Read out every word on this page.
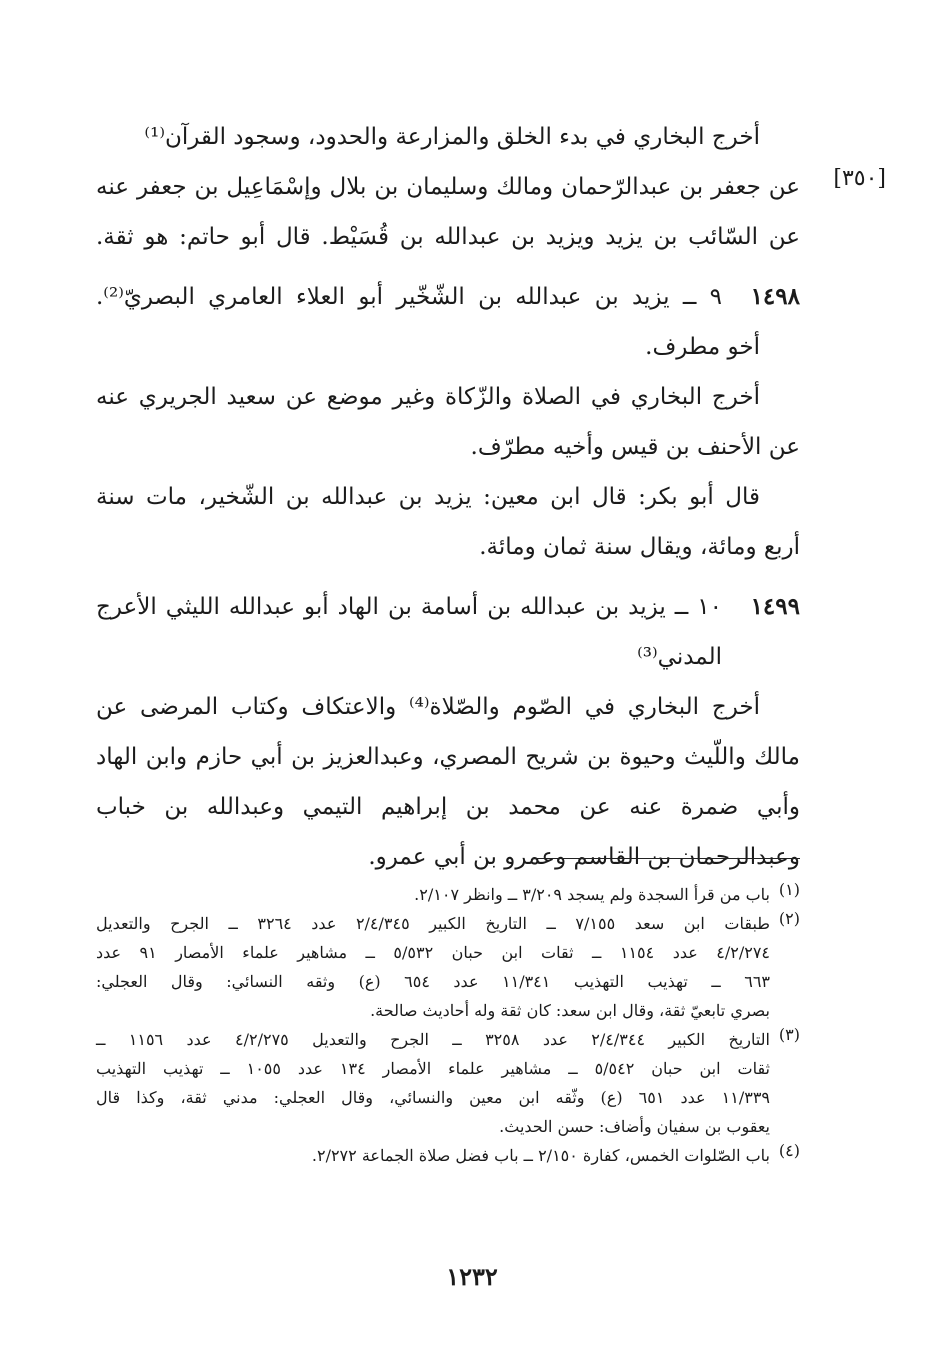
أخرج البخاري في بدء الخلق والمزارعة والحدود، وسجود القرآن⁽¹⁾
[٣٥٠]
عن جعفر بن عبدالرّحمان ومالك وسليمان بن بلال وإسْمَاعِيل بن جعفر عنه
عن السّائب بن يزيد ويزيد بن عبدالله بن قُسَيْط. قال أبو حاتم: هو ثقة.
١٤٩٨
٩ ــ يزيد بن عبدالله بن الشّخّير أبو العلاء العامري البصريّ⁽²⁾.
أخو مطرف.
أخرج البخاري في الصلاة والزّكاة وغير موضع عن سعيد الجريري عنه
عن الأحنف بن قيس وأخيه مطرّف.
قال أبو بكر: قال ابن معين: يزيد بن عبدالله بن الشّخير، مات سنة
أربع ومائة، ويقال سنة ثمان ومائة.
١٤٩٩
١٠ ــ يزيد بن عبدالله بن أسامة بن الهاد أبو عبدالله الليثي الأعرج
المدني⁽³⁾
أخرج البخاري في الصّوم والصّلاة⁽⁴⁾ والاعتكاف وكتاب المرضى عن
مالك واللّيث وحيوة بن شريح المصري، وعبدالعزيز بن أبي حازم وابن الهاد
وأبي ضمرة عنه عن محمد بن إبراهيم التيمي وعبدالله بن خباب
وعبدالرحمان بن القاسم وعمرو بن أبي عمرو.
(١)
باب من قرأ السجدة ولم يسجد ٣/٢٠٩ ــ وانظر ٢/١٠٧.
(٢)
طبقات ابن سعد ٧/١٥٥ ــ التاريخ الكبير ٢/٤/٣٤٥ عدد ٣٢٦٤ ــ الجرح والتعديل
٤/٢/٢٧٤ عدد ١١٥٤ ــ ثقات ابن حبان ٥/٥٣٢ ــ مشاهير علماء الأمصار ٩١ عدد
٦٦٣ ــ تهذيب التهذيب ١١/٣٤١ عدد ٦٥٤ (ع) وثقه النسائي: وقال العجلي:
بصري تابعيّ ثقة، وقال ابن سعد: كان ثقة وله أحاديث صالحة.
(٣)
التاريخ الكبير ٢/٤/٣٤٤ عدد ٣٢٥٨ ــ الجرح والتعديل ٤/٢/٢٧٥ عدد ١١٥٦ ــ
ثقات ابن حبان ٥/٥٤٢ ــ مشاهير علماء الأمصار ١٣٤ عدد ١٠٥٥ ــ تهذيب التهذيب
١١/٣٣٩ عدد ٦٥١ (ع) وثّقه ابن معين والنسائي، وقال العجلي: مدني ثقة، وكذا قال
يعقوب بن سفيان وأضاف: حسن الحديث.
(٤)
باب الصّلوات الخمس، كفارة ٢/١٥٠ ــ باب فضل صلاة الجماعة ٢/٢٧٢.
١٢٣٢
